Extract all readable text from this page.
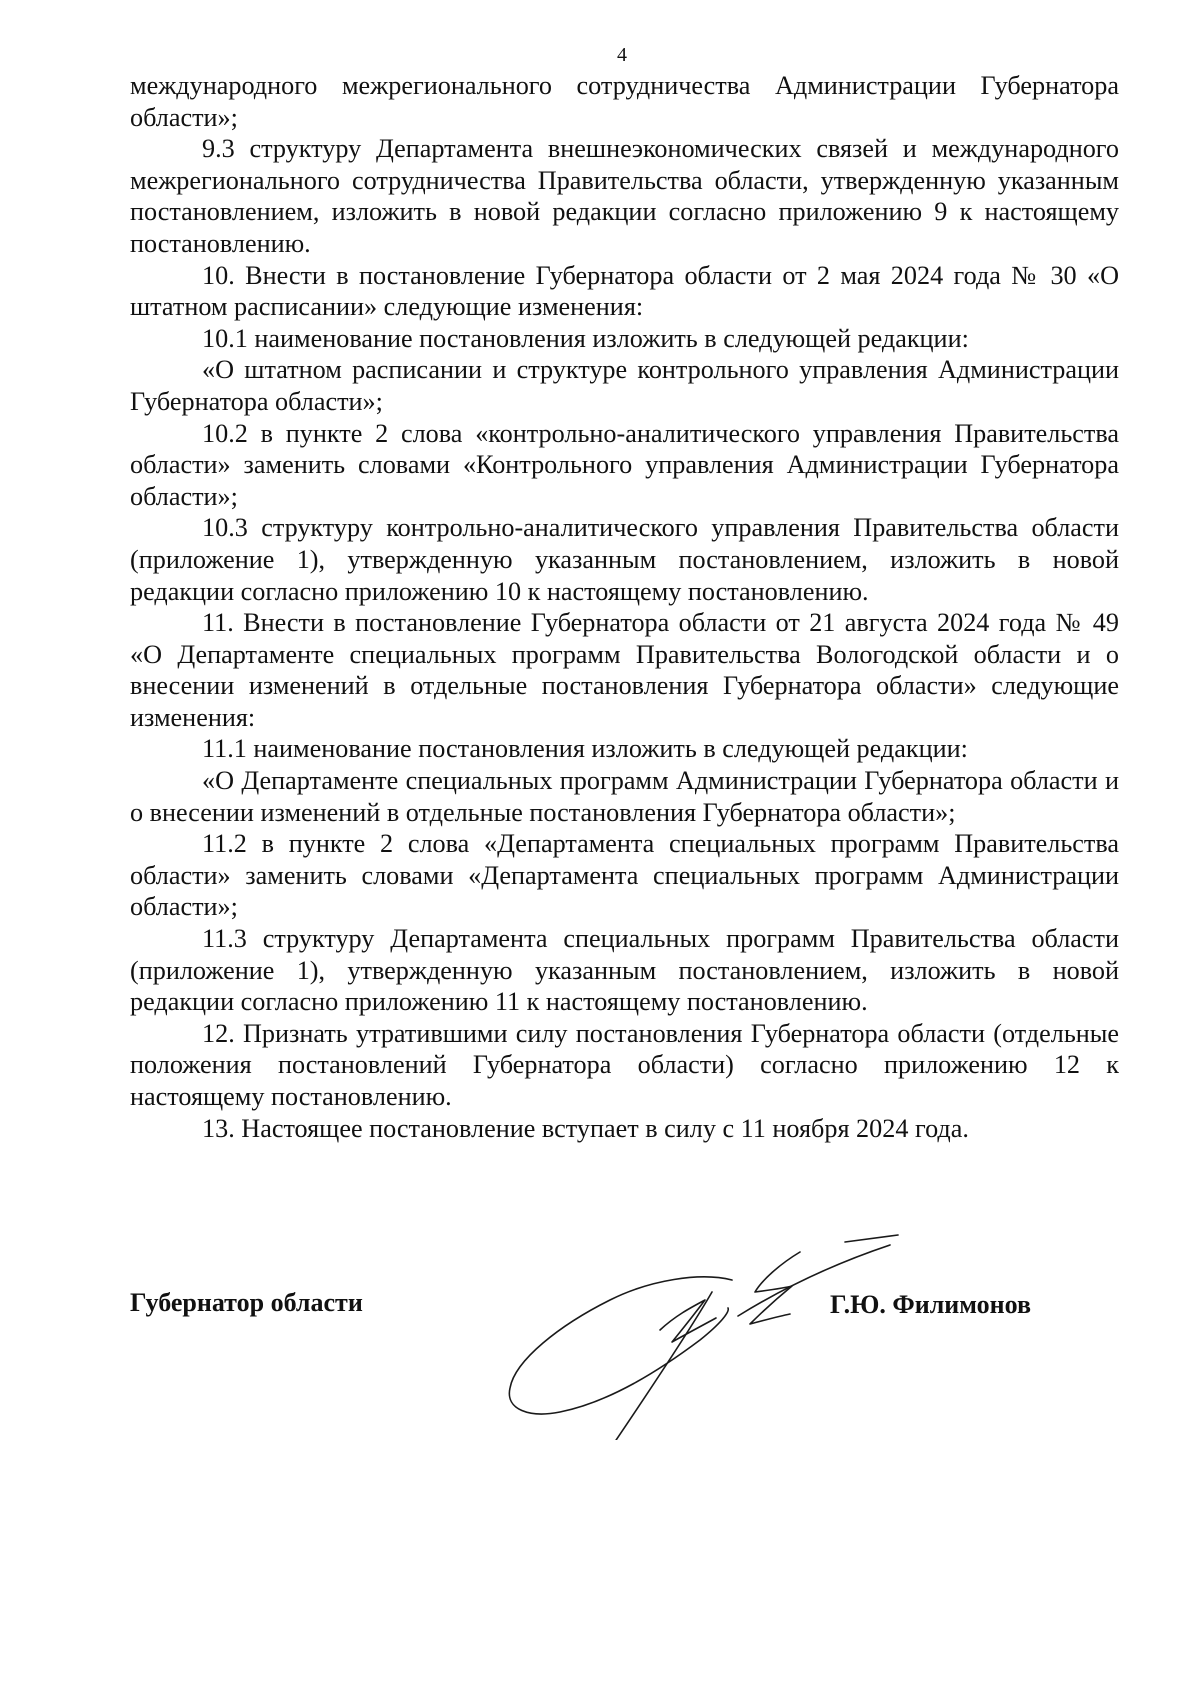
4

международного межрегионального сотрудничества Администрации Губернатора области»;

9.3 структуру Департамента внешнеэкономических связей и международного межрегионального сотрудничества Правительства области, утвержденную указанным постановлением, изложить в новой редакции согласно приложению 9 к настоящему постановлению.

10. Внести в постановление Губернатора области от 2 мая 2024 года № 30 «О штатном расписании» следующие изменения:

10.1 наименование постановления изложить в следующей редакции:

«О штатном расписании и структуре контрольного управления Администрации Губернатора области»;

10.2 в пункте 2 слова «контрольно-аналитического управления Правительства области» заменить словами «Контрольного управления Администрации Губернатора области»;

10.3 структуру контрольно-аналитического управления Правительства области (приложение 1), утвержденную указанным постановлением, изложить в новой редакции согласно приложению 10 к настоящему постановлению.

11. Внести в постановление Губернатора области от 21 августа 2024 года № 49 «О Департаменте специальных программ Правительства Вологодской области и о внесении изменений в отдельные постановления Губернатора области» следующие изменения:

11.1 наименование постановления изложить в следующей редакции:

«О Департаменте специальных программ Администрации Губернатора области и о внесении изменений в отдельные постановления Губернатора области»;

11.2 в пункте 2 слова «Департамента специальных программ Правительства области» заменить словами «Департамента специальных программ Администрации области»;

11.3 структуру Департамента специальных программ Правительства области (приложение 1), утвержденную указанным постановлением, изложить в новой редакции согласно приложению 11 к настоящему постановлению.

12. Признать утратившими силу постановления Губернатора области (отдельные положения постановлений Губернатора области) согласно приложению 12 к настоящему постановлению.

13. Настоящее постановление вступает в силу с 11 ноября 2024 года.

Губернатор области	Г.Ю. Филимонов
